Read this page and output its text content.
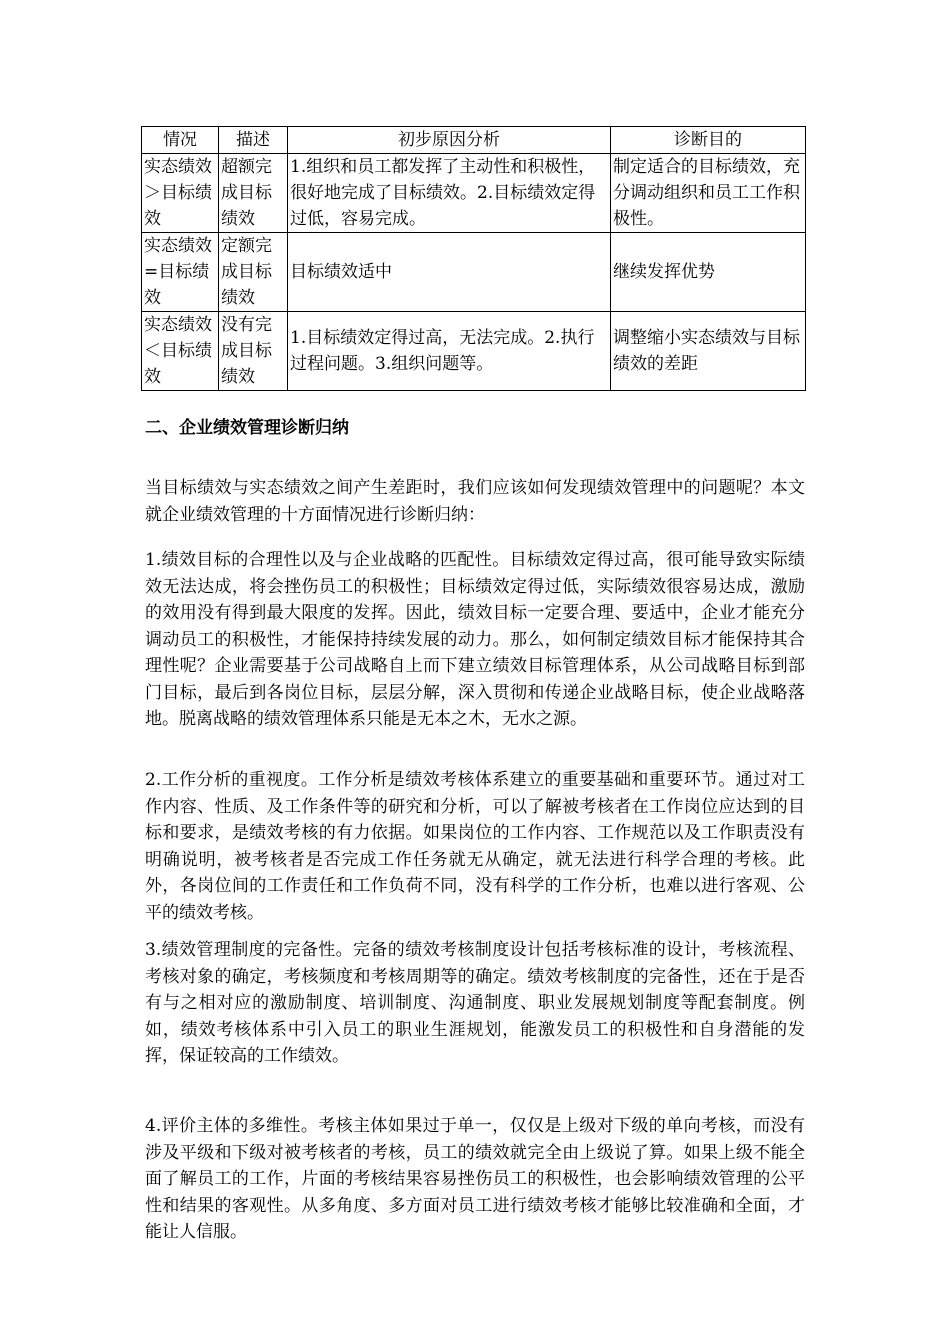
情况	描述	初步原因分析	诊断目的
实态绩效＞目标绩效	超额完成目标绩效	1.组织和员工都发挥了主动性和积极性，很好地完成了目标绩效。2.目标绩效定得过低，容易完成。	制定适合的目标绩效，充分调动组织和员工工作积极性。
实态绩效=目标绩效	定额完成目标绩效	目标绩效适中	继续发挥优势
实态绩效＜目标绩效	没有完成目标绩效	1.目标绩效定得过高，无法完成。2.执行过程问题。3.组织问题等。	调整缩小实态绩效与目标绩效的差距
二、企业绩效管理诊断归纳

当目标绩效与实态绩效之间产生差距时，我们应该如何发现绩效管理中的问题呢？本文就企业绩效管理的十方面情况进行诊断归纳：

1.绩效目标的合理性以及与企业战略的匹配性。目标绩效定得过高，很可能导致实际绩效无法达成，将会挫伤员工的积极性；目标绩效定得过低，实际绩效很容易达成，激励的效用没有得到最大限度的发挥。因此，绩效目标一定要合理、要适中，企业才能充分调动员工的积极性，才能保持持续发展的动力。那么，如何制定绩效目标才能保持其合理性呢？企业需要基于公司战略自上而下建立绩效目标管理体系，从公司战略目标到部门目标，最后到各岗位目标，层层分解，深入贯彻和传递企业战略目标，使企业战略落地。脱离战略的绩效管理体系只能是无本之木，无水之源。

2.工作分析的重视度。工作分析是绩效考核体系建立的重要基础和重要环节。通过对工作内容、性质、及工作条件等的研究和分析，可以了解被考核者在工作岗位应达到的目标和要求，是绩效考核的有力依据。如果岗位的工作内容、工作规范以及工作职责没有明确说明，被考核者是否完成工作任务就无从确定，就无法进行科学合理的考核。此外，各岗位间的工作责任和工作负荷不同，没有科学的工作分析，也难以进行客观、公平的绩效考核。

3.绩效管理制度的完备性。完备的绩效考核制度设计包括考核标准的设计，考核流程、考核对象的确定，考核频度和考核周期等的确定。绩效考核制度的完备性，还在于是否有与之相对应的激励制度、培训制度、沟通制度、职业发展规划制度等配套制度。例如，绩效考核体系中引入员工的职业生涯规划，能激发员工的积极性和自身潜能的发挥，保证较高的工作绩效。

4.评价主体的多维性。考核主体如果过于单一，仅仅是上级对下级的单向考核，而没有涉及平级和下级对被考核者的考核，员工的绩效就完全由上级说了算。如果上级不能全面了解员工的工作，片面的考核结果容易挫伤员工的积极性，也会影响绩效管理的公平性和结果的客观性。从多角度、多方面对员工进行绩效考核才能够比较准确和全面，才能让人信服。
